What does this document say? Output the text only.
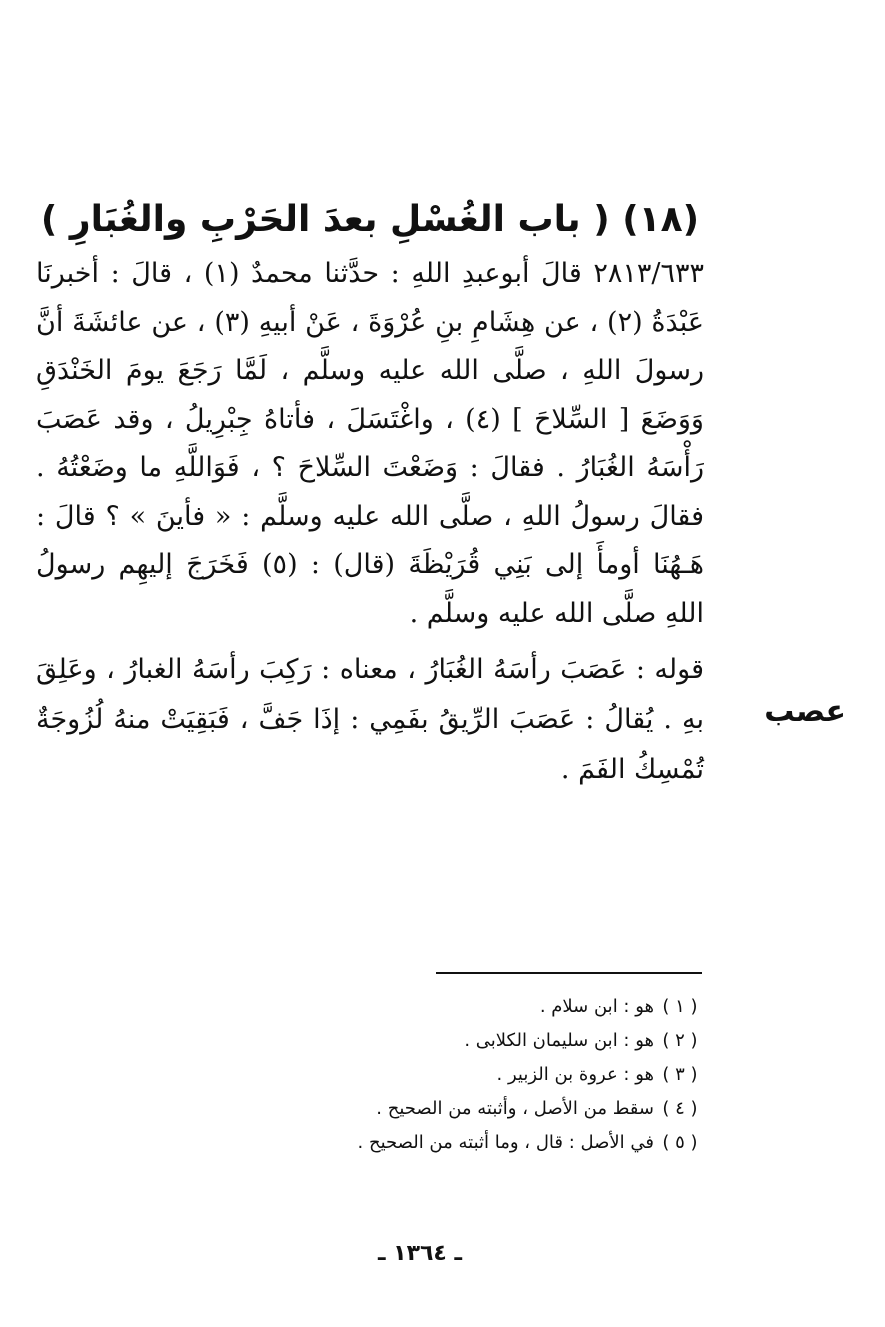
(١٨) ( باب الغُسْلِ بعدَ الحَرْبِ والغُبَارِ )

٢٨١٣/٦٣٣ قالَ أبوعبدِ اللهِ : حدَّثنا محمدٌ (١) ، قالَ : أخبرنَا عَبْدَةُ (٢) ، عن هِشَامِ بنِ عُرْوَةَ ، عَنْ أبيهِ (٣) ، عن عائشَةَ أنَّ رسولَ اللهِ ، صلَّى الله عليه وسلَّم ، لَمَّا رَجَعَ يومَ الخَنْدَقِ وَوَضَعَ [ السِّلاحَ ] (٤) ، واغْتَسَلَ ، فأتاهُ جِبْرِيلُ ، وقد عَصَبَ رَأْسَهُ الغُبَارُ . فقالَ : وَضَعْتَ السِّلاحَ ؟ ، فَوَاللَّهِ ما وضَعْتُهُ . فقالَ رسولُ اللهِ ، صلَّى الله عليه وسلَّم : « فأينَ » ؟ قالَ : هَـهُنَا أومأَ إلى بَنِي قُرَيْظَةَ (قال) : (٥) فَخَرَجَ إليهِم رسولُ اللهِ صلَّى الله عليه وسلَّم .

عصب

قوله : عَصَبَ رأسَهُ الغُبَارُ ، معناه : رَكِبَ رأسَهُ الغبارُ ، وعَلِقَ بهِ . يُقالُ : عَصَبَ الرِّيقُ بفَمِي : إذَا جَفَّ ، فَبَقِيَتْ منهُ لُزُوجَةٌ تُمْسِكُ الفَمَ .

( ١ )هو : ابن سلام .
( ٢ )هو : ابن سليمان الكلابى .
( ٣ )هو : عروة بن الزبير .
( ٤ )سقط من الأصل ، وأثبته من الصحيح .
( ٥ )في الأصل : قال ، وما أثبته من الصحيح .
ـ ١٣٦٤ ـ
